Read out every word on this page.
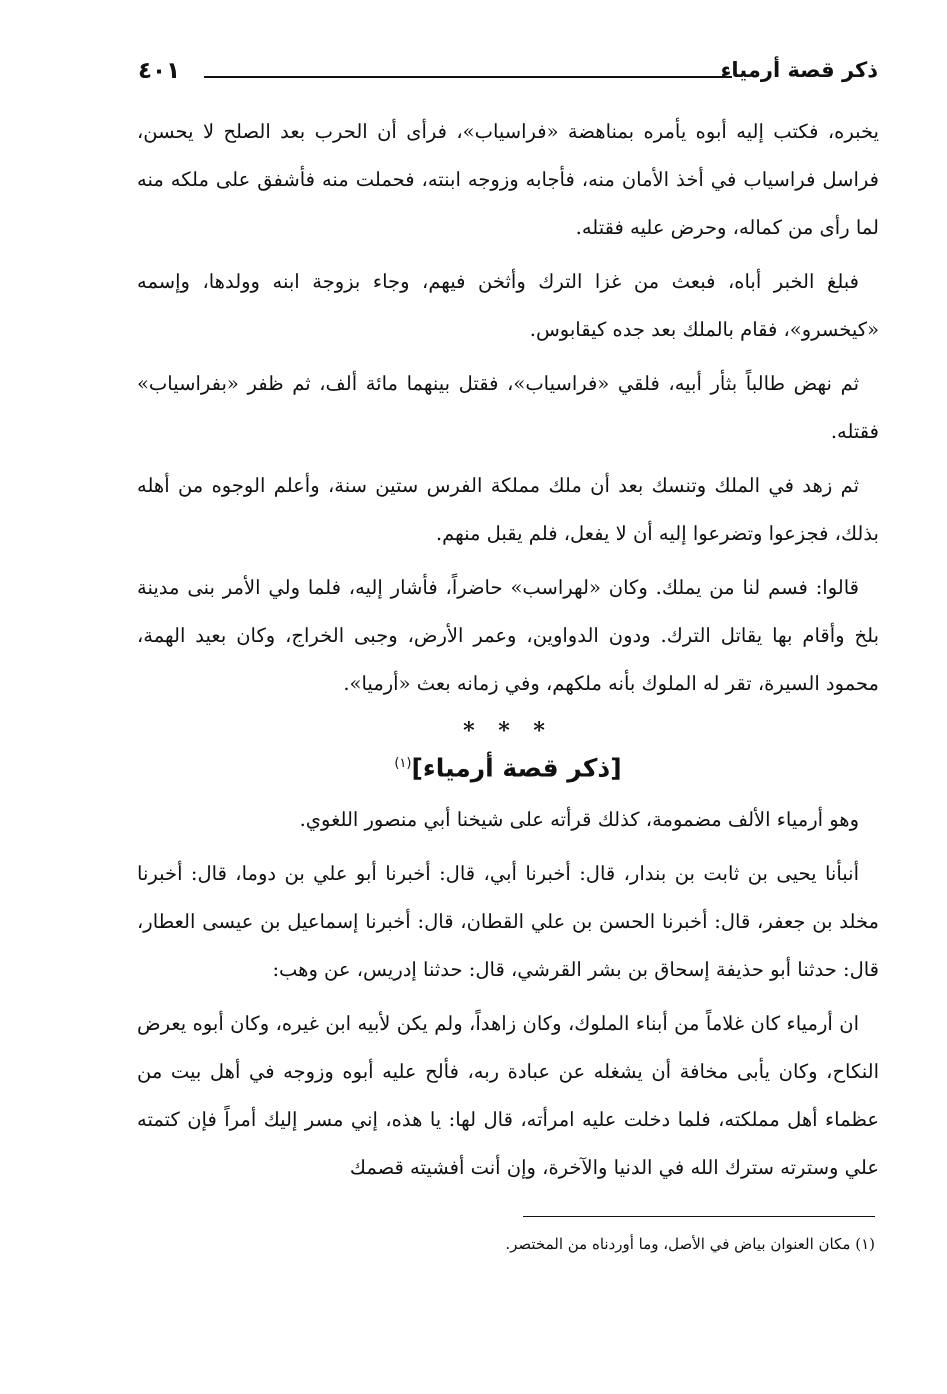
ذكر قصة أرمياء
٤٠١

يخبره، فكتب إليه أبوه يأمره بمناهضة «فراسياب»، فرأى أن الحرب بعد الصلح لا يحسن، فراسل فراسياب في أخذ الأمان منه، فأجابه وزوجه ابنته، فحملت منه فأشفق على ملكه منه لما رأى من كماله، وحرض عليه فقتله.

فبلغ الخبر أباه، فبعث من غزا الترك وأثخن فيهم، وجاء بزوجة ابنه وولدها، وإسمه «كيخسرو»، فقام بالملك بعد جده كيقابوس.

ثم نهض طالباً بثأر أبيه، فلقي «فراسياب»، فقتل بينهما مائة ألف، ثم ظفر «بفراسياب» فقتله.

ثم زهد في الملك وتنسك بعد أن ملك مملكة الفرس ستين سنة، وأعلم الوجوه من أهله بذلك، فجزعوا وتضرعوا إليه أن لا يفعل، فلم يقبل منهم.

قالوا: فسم لنا من يملك. وكان «لهراسب» حاضراً، فأشار إليه، فلما ولي الأمر بنى مدينة بلخ وأقام بها يقاتل الترك. ودون الدواوين، وعمر الأرض، وجبى الخراج، وكان بعيد الهمة، محمود السيرة، تقر له الملوك بأنه ملكهم، وفي زمانه بعث «أرميا».

* * *
[ذكر قصة أرمياء]$^{(١)}$

وهو أرمياء الألف مضمومة، كذلك قرأته على شيخنا أبي منصور اللغوي.

أنبأنا يحيى بن ثابت بن بندار، قال: أخبرنا أبي، قال: أخبرنا أبو علي بن دوما، قال: أخبرنا مخلد بن جعفر، قال: أخبرنا الحسن بن علي القطان، قال: أخبرنا إسماعيل بن عيسى العطار، قال: حدثنا أبو حذيفة إسحاق بن بشر القرشي، قال: حدثنا إدريس، عن وهب:

ان أرمياء كان غلاماً من أبناء الملوك، وكان زاهداً، ولم يكن لأبيه ابن غيره، وكان أبوه يعرض النكاح، وكان يأبى مخافة أن يشغله عن عبادة ربه، فألح عليه أبوه وزوجه في أهل بيت من عظماء أهل مملكته، فلما دخلت عليه امرأته، قال لها: يا هذه، إني مسر إليك أمراً فإن كتمته علي وسترته سترك الله في الدنيا والآخرة، وإن أنت أفشيته قصمك

(١) مكان العنوان بياض في الأصل، وما أوردناه من المختصر.
